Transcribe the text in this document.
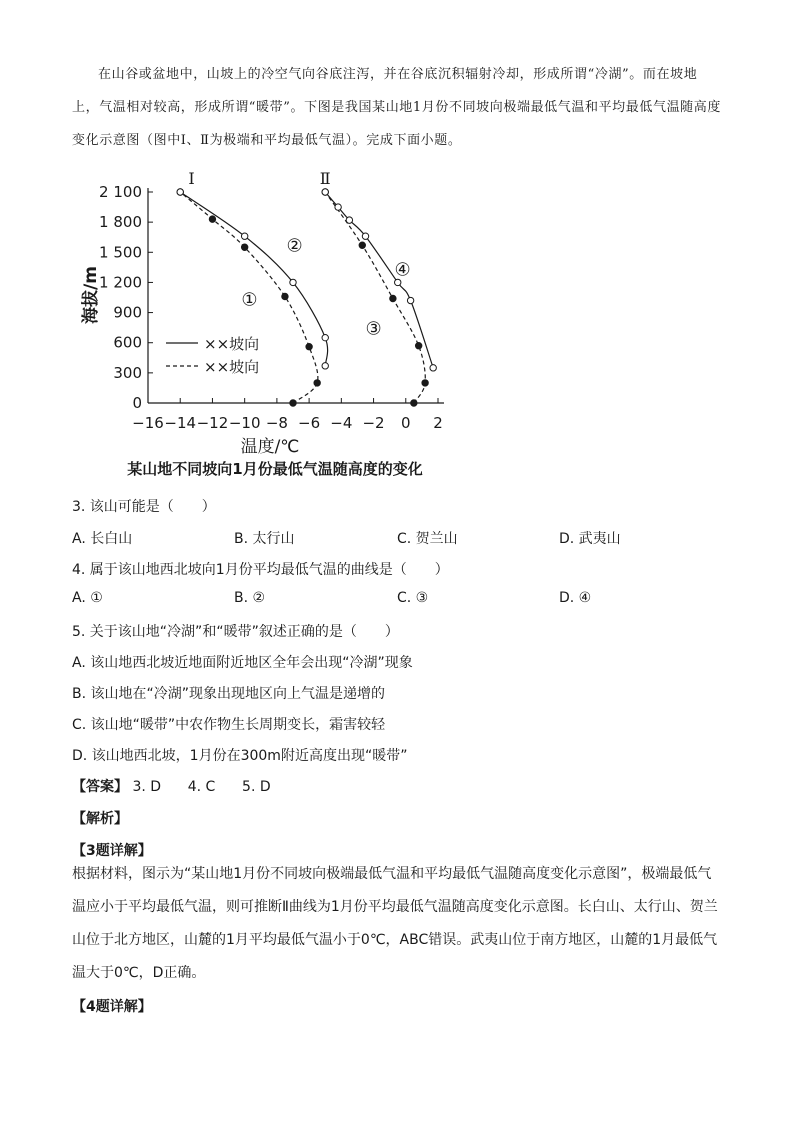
在山谷或盆地中，山坡上的冷空气向谷底注泻，并在谷底沉积辐射冷却，形成所谓“冷湖”。而在坡地上，气温相对较高，形成所谓“暖带”。下图是我国某山地1月份不同坡向极端最低气温和平均最低气温随高度变化示意图（图中Ⅰ、Ⅱ为极端和平均最低气温）。完成下面小题。
−16 −14 −12 −10 −8 −6 −4 −2 0 2
0
300
600
900
1 200
1 500
1 800
2 100
温度/℃
海拔/m
某山地不同坡向1月份最低气温随高度的变化
Ⅰ	Ⅱ
①
②
③
④
××坡向
××坡向
3. 该山可能是（　　）
A. 长白山	B. 太行山	C. 贺兰山	D. 武夷山
4. 属于该山地西北坡向1月份平均最低气温的曲线是（　　）
A. ①	B. ②	C. ③	D. ④
5. 关于该山地“冷湖”和“暖带”叙述正确的是（　　）
A. 该山地西北坡近地面附近地区全年会出现“冷湖”现象
B. 该山地在“冷湖”现象出现地区向上气温是递增的
C. 该山地“暖带”中农作物生长周期变长，霜害较轻
D. 该山地西北坡，1月份在300m附近高度出现“暖带”
【答案】 3. D 4. C 5. D
【解析】
【3题详解】
根据材料，图示为“某山地1月份不同坡向极端最低气温和平均最低气温随高度变化示意图”，极端最低气温应小于平均最低气温，则可推断Ⅱ曲线为1月份平均最低气温随高度变化示意图。长白山、太行山、贺兰山位于北方地区，山麓的1月平均最低气温小于0℃，ABC错误。武夷山位于南方地区，山麓的1月最低气温大于0℃，D正确。
【4题详解】
